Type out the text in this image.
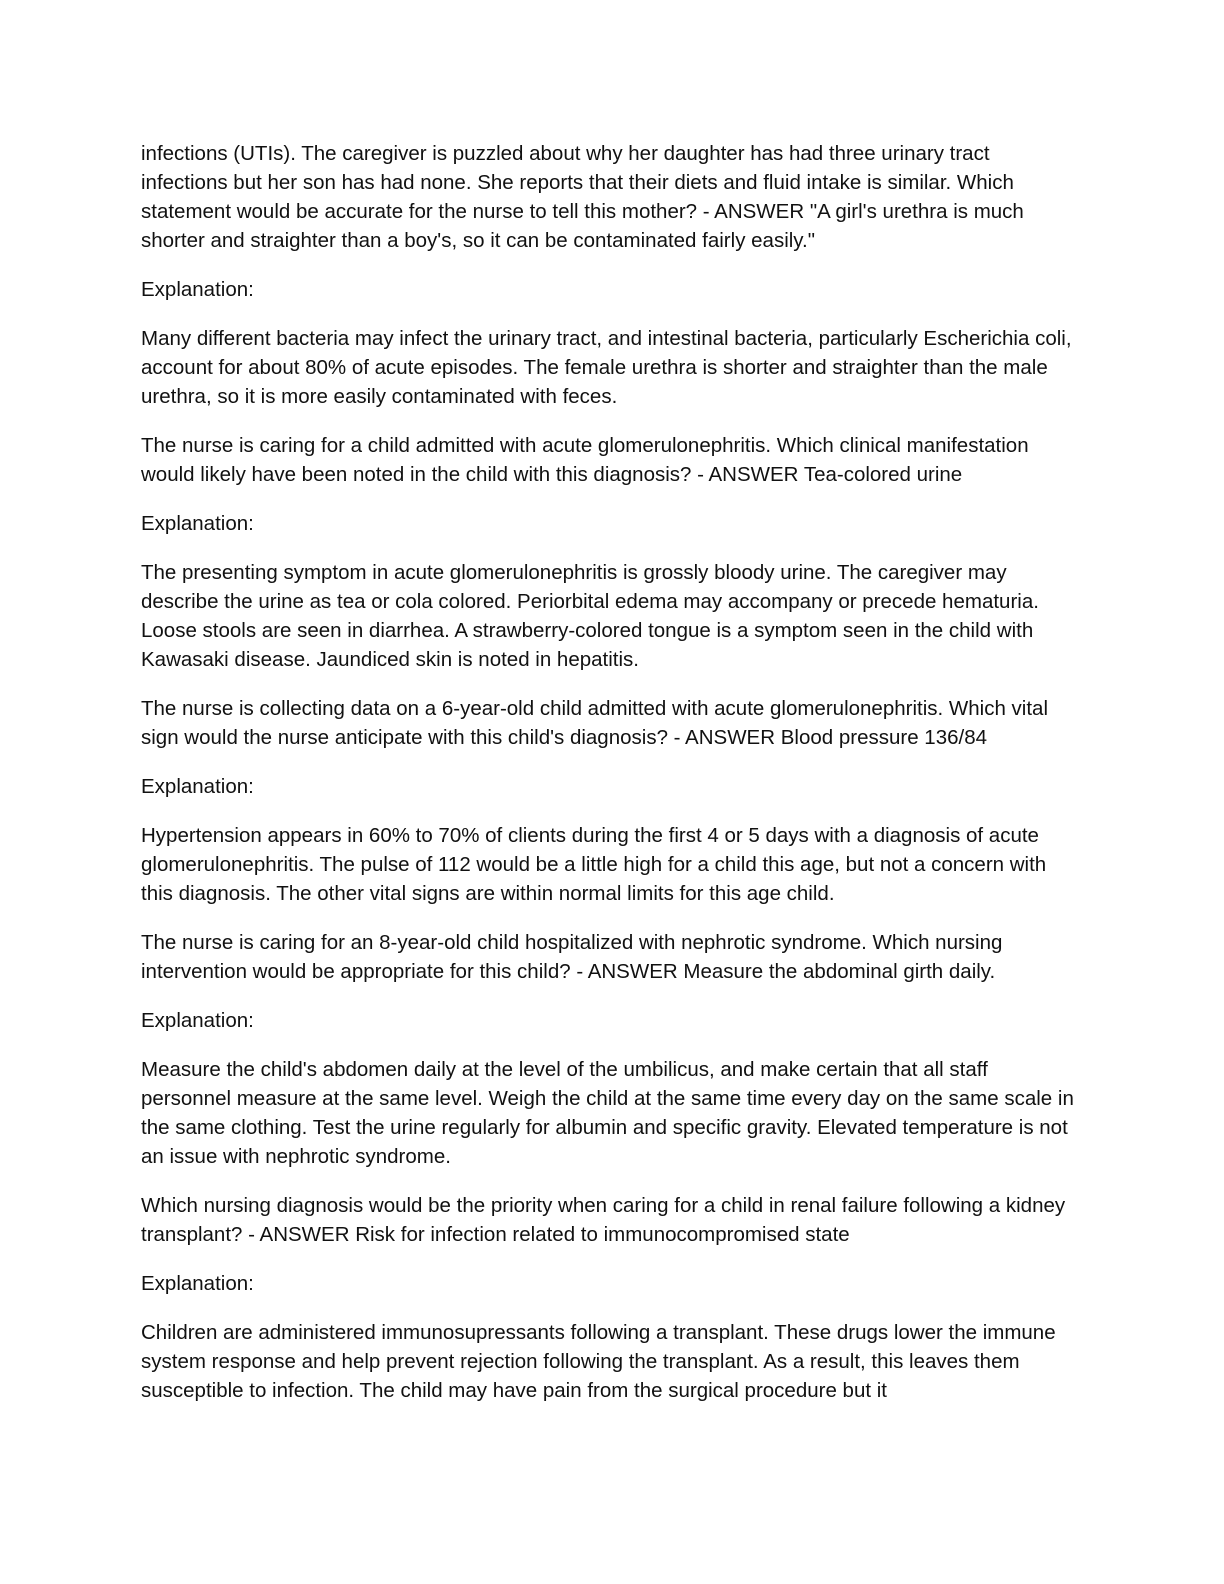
infections (UTIs). The caregiver is puzzled about why her daughter has had three urinary tract infections but her son has had none. She reports that their diets and fluid intake is similar. Which statement would be accurate for the nurse to tell this mother? - ANSWER "A girl's urethra is much shorter and straighter than a boy's, so it can be contaminated fairly easily."

Explanation:

Many different bacteria may infect the urinary tract, and intestinal bacteria, particularly Escherichia coli, account for about 80% of acute episodes. The female urethra is shorter and straighter than the male urethra, so it is more easily contaminated with feces.

The nurse is caring for a child admitted with acute glomerulonephritis. Which clinical manifestation would likely have been noted in the child with this diagnosis? - ANSWER Tea-colored urine

Explanation:

The presenting symptom in acute glomerulonephritis is grossly bloody urine. The caregiver may describe the urine as tea or cola colored. Periorbital edema may accompany or precede hematuria. Loose stools are seen in diarrhea. A strawberry-colored tongue is a symptom seen in the child with Kawasaki disease. Jaundiced skin is noted in hepatitis.

The nurse is collecting data on a 6-year-old child admitted with acute glomerulonephritis. Which vital sign would the nurse anticipate with this child's diagnosis? - ANSWER Blood pressure 136/84

Explanation:

Hypertension appears in 60% to 70% of clients during the first 4 or 5 days with a diagnosis of acute glomerulonephritis. The pulse of 112 would be a little high for a child this age, but not a concern with this diagnosis. The other vital signs are within normal limits for this age child.

The nurse is caring for an 8-year-old child hospitalized with nephrotic syndrome. Which nursing intervention would be appropriate for this child? - ANSWER Measure the abdominal girth daily.

Explanation:

Measure the child's abdomen daily at the level of the umbilicus, and make certain that all staff personnel measure at the same level. Weigh the child at the same time every day on the same scale in the same clothing. Test the urine regularly for albumin and specific gravity. Elevated temperature is not an issue with nephrotic syndrome.

Which nursing diagnosis would be the priority when caring for a child in renal failure following a kidney transplant? - ANSWER Risk for infection related to immunocompromised state

Explanation:

Children are administered immunosupressants following a transplant. These drugs lower the immune system response and help prevent rejection following the transplant. As a result, this leaves them susceptible to infection. The child may have pain from the surgical procedure but it
